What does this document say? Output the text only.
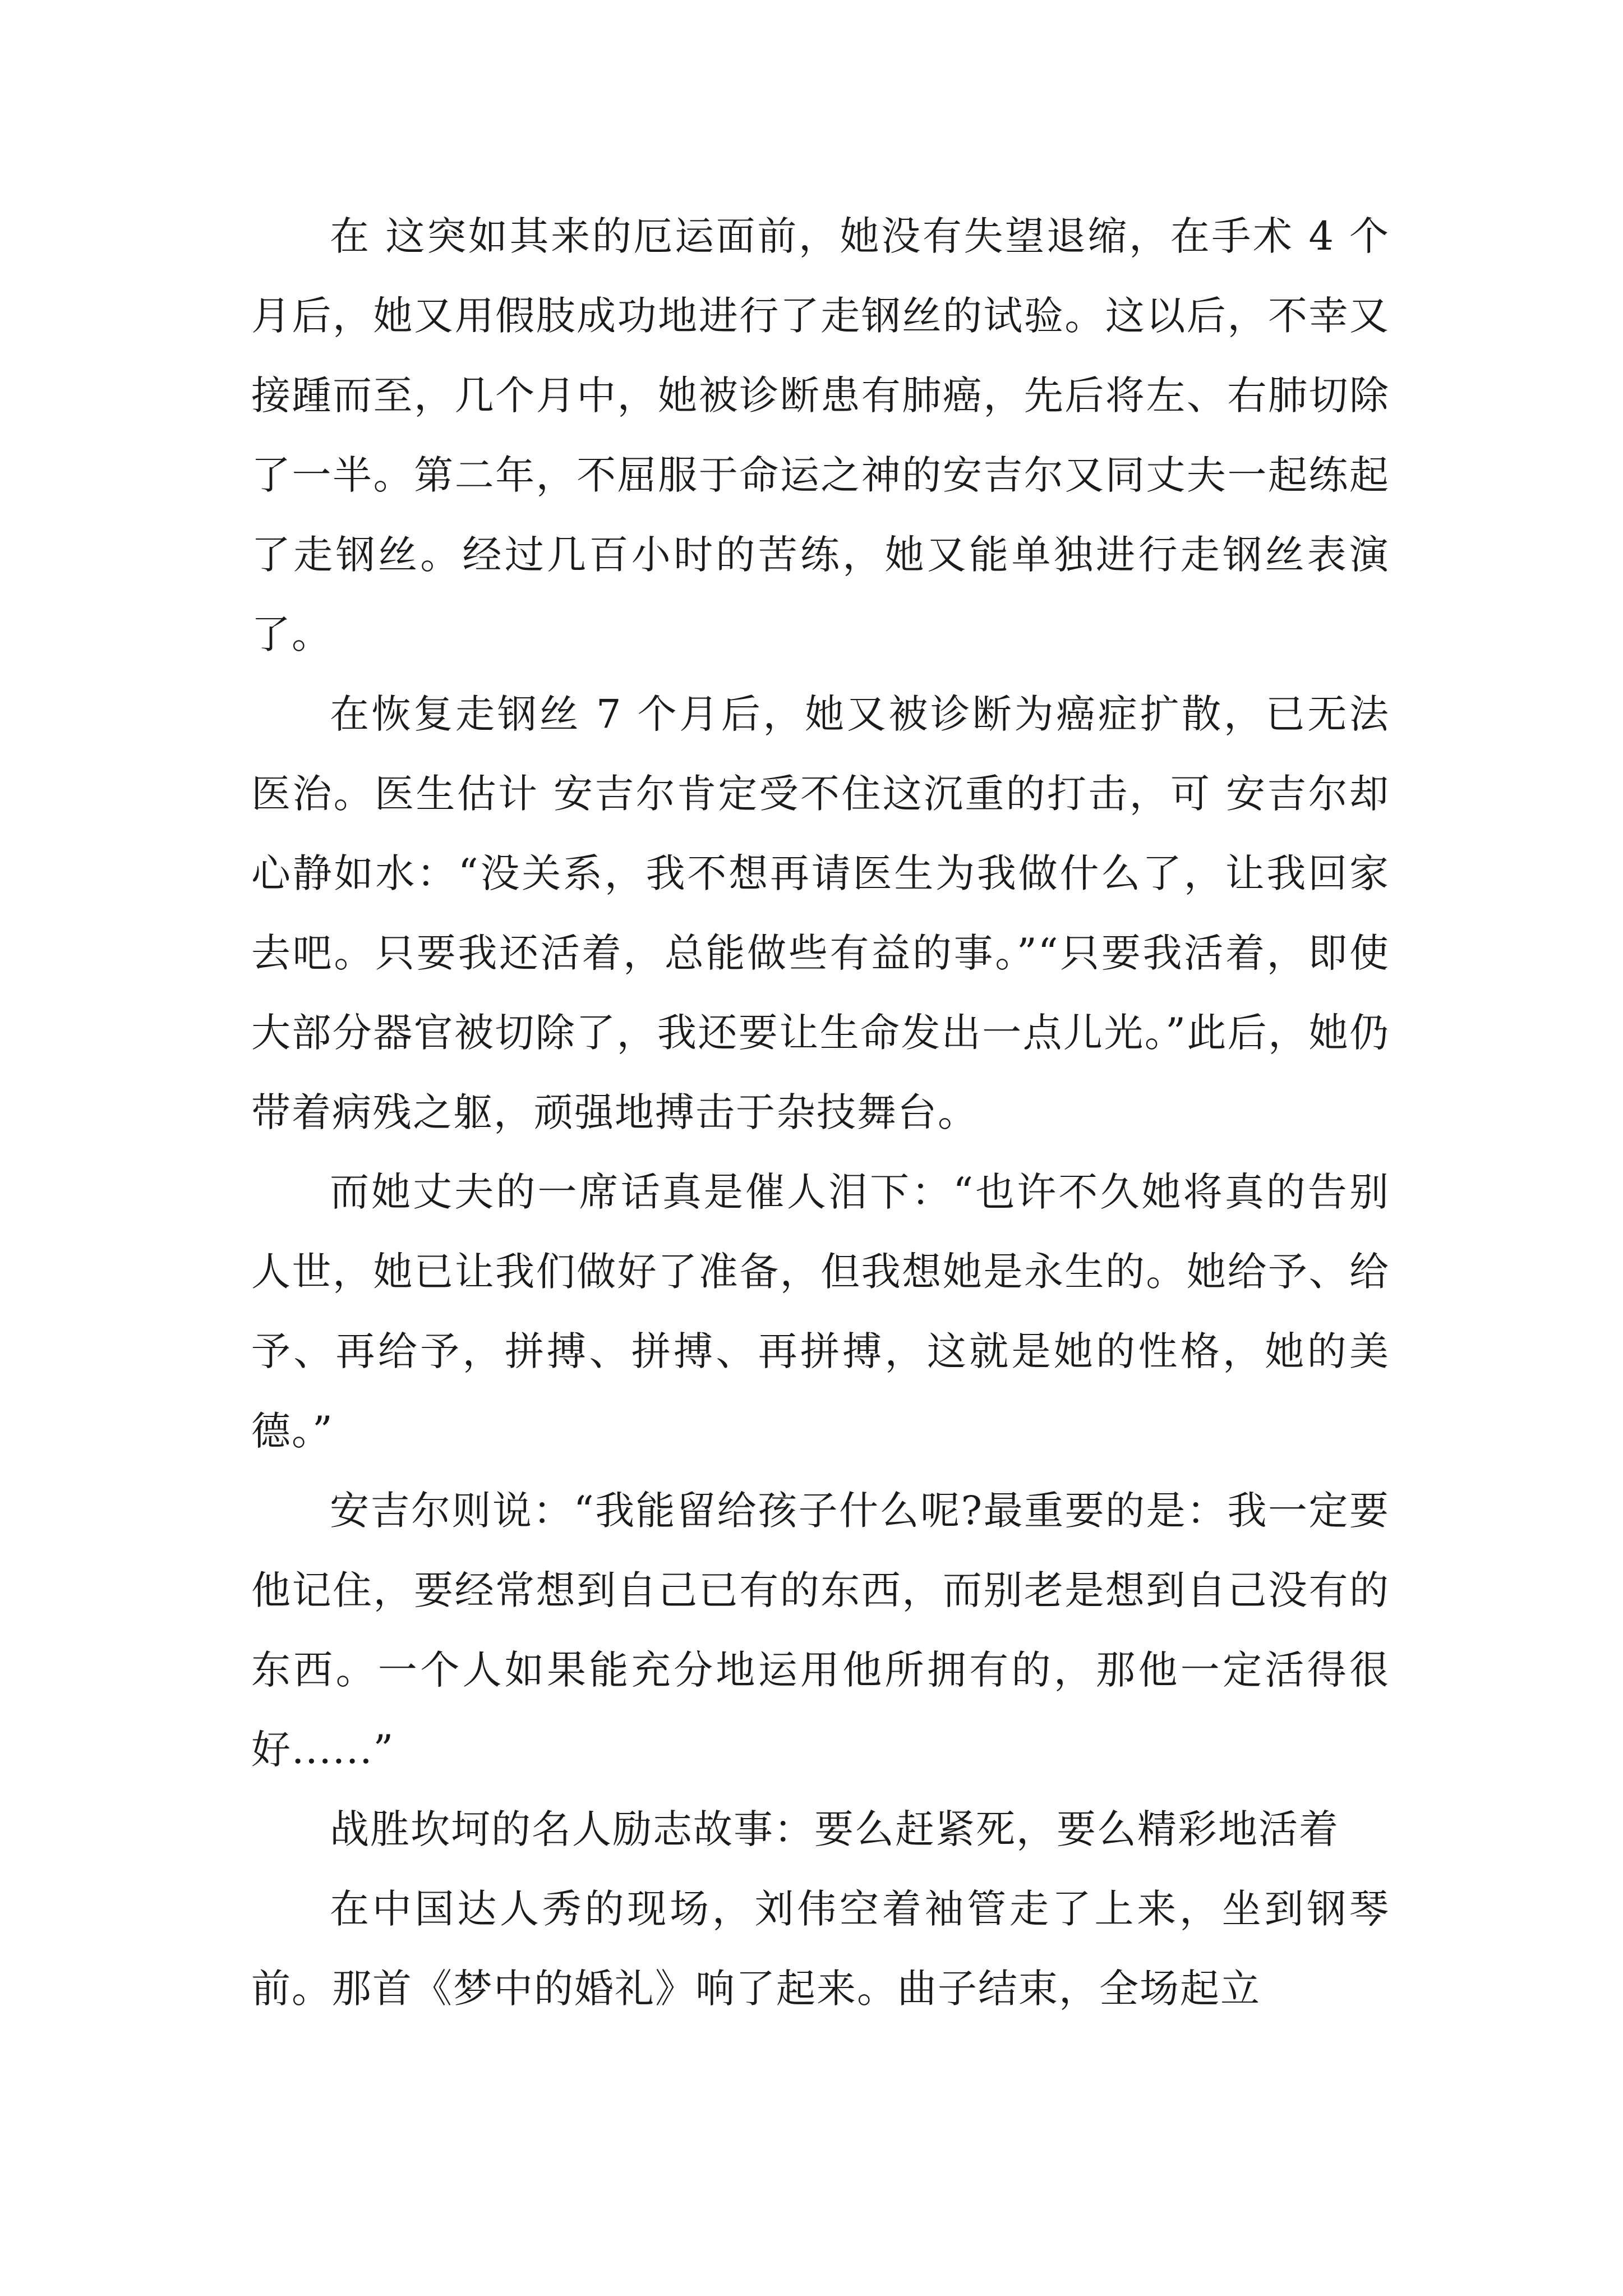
在 这突如其来的厄运面前，她没有失望退缩，在手术 4 个月后，她又用假肢成功地进行了走钢丝的试验。这以后，不幸又接踵而至，几个月中，她被诊断患有肺癌，先后将左、右肺切除了一半。第二年，不屈服于命运之神的安吉尔又同丈夫一起练起了走钢丝。经过几百小时的苦练，她又能单独进行走钢丝表演了。

在恢复走钢丝 7 个月后，她又被诊断为癌症扩散，已无法医治。医生估计 安吉尔肯定受不住这沉重的打击，可 安吉尔却心静如水：“没关系，我不想再请医生为我做什么了，让我回家去吧。只要我还活着，总能做些有益的事。”“只要我活着，即使大部分器官被切除了，我还要让生命发出一点儿光。”此后，她仍带着病残之躯，顽强地搏击于杂技舞台。

而她丈夫的一席话真是催人泪下：“也许不久她将真的告别人世，她已让我们做好了准备，但我想她是永生的。她给予、给予、再给予，拼搏、拼搏、再拼搏，这就是她的性格，她的美德。”

安吉尔则说：“我能留给孩子什么呢?最重要的是：我一定要他记住，要经常想到自己已有的东西，而别老是想到自己没有的东西。一个人如果能充分地运用他所拥有的，那他一定活得很好......”

战胜坎坷的名人励志故事：要么赶紧死，要么精彩地活着

在中国达人秀的现场，刘伟空着袖管走了上来，坐到钢琴前。那首《梦中的婚礼》响了起来。曲子结束，全场起立
